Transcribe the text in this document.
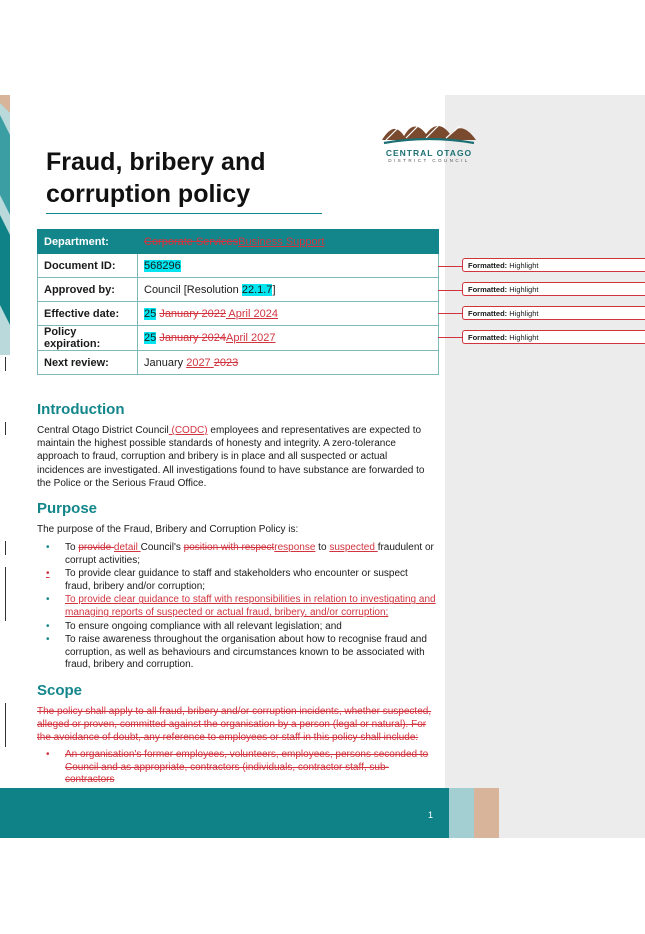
CENTRAL OTAGO
DISTRICT COUNCIL
Fraud, bribery and
corruption policy
Department:	Corporate ServicesBusiness Support
Document ID:	568296
Approved by:	Council [Resolution 22.1.7]
Effective date:	25 January 2022 April 2024
Policy expiration:	25 January 2024April 2027
Next review:	January 2027 2023
Formatted: Highlight
Formatted: Highlight
Formatted: Highlight
Formatted: Highlight
Introduction

Central Otago District Council (CODC) employees and representatives are expected to maintain the highest possible standards of honesty and integrity. A zero-tolerance approach to fraud, corruption and bribery is in place and all suspected or actual incidences are investigated. All investigations found to have substance are forwarded to the Police or the Serious Fraud Office.

Purpose

The purpose of the Fraud, Bribery and Corruption Policy is:

• To provide detail Council's position with respectresponse to suspected fraudulent or corrupt activities;
• To provide clear guidance to staff and stakeholders who encounter or suspect fraud, bribery and/or corruption;
• To provide clear guidance to staff with responsibilities in relation to investigating and managing reports of suspected or actual fraud, bribery, and/or corruption;
• To ensure ongoing compliance with all relevant legislation; and
• To raise awareness throughout the organisation about how to recognise fraud and corruption, as well as behaviours and circumstances known to be associated with fraud, bribery and corruption.
Scope

The policy shall apply to all fraud, bribery and/or corruption incidents, whether suspected, alleged or proven, committed against the organisation by a person (legal or natural). For the avoidance of doubt, any reference to employees or staff in this policy shall include:

• An organisation's former employees, volunteers, employees, persons seconded to Council and as appropriate, contractors (individuals, contractor staff, sub-contractors
1
